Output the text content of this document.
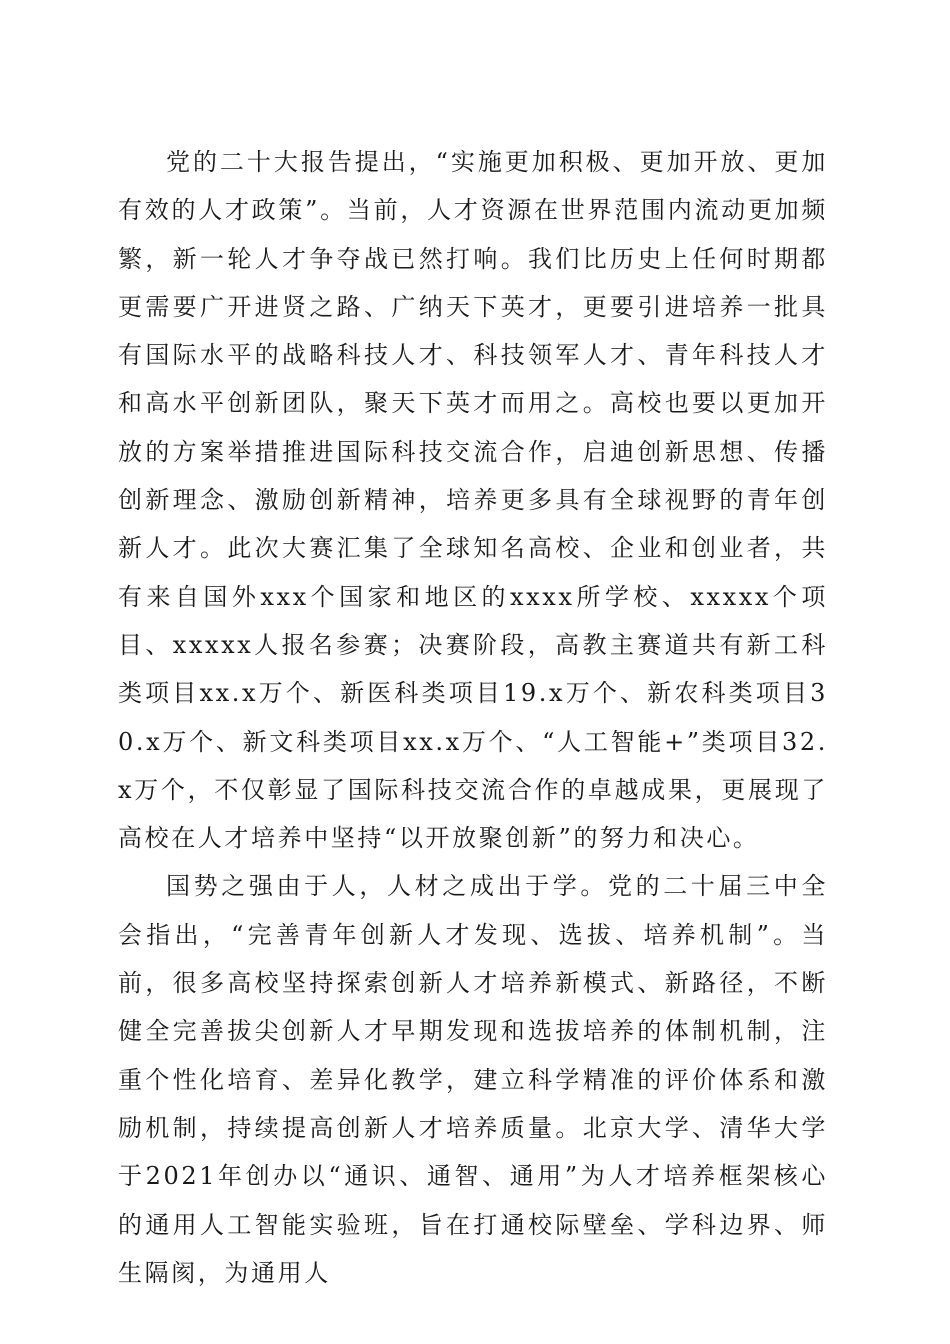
党的二十大报告提出，“实施更加积极、更加开放、更加有效的人才政策”。当前，人才资源在世界范围内流动更加频繁，新一轮人才争夺战已然打响。我们比历史上任何时期都更需要广开进贤之路、广纳天下英才，更要引进培养一批具有国际水平的战略科技人才、科技领军人才、青年科技人才和高水平创新团队，聚天下英才而用之。高校也要以更加开放的方案举措推进国际科技交流合作，启迪创新思想、传播创新理念、激励创新精神，培养更多具有全球视野的青年创新人才。此次大赛汇集了全球知名高校、企业和创业者，共有来自国外xxx个国家和地区的xxxx所学校、xxxxx个项目、xxxxx人报名参赛；决赛阶段，高教主赛道共有新工科类项目xx.x万个、新医科类项目19.x万个、新农科类项目30.x万个、新文科类项目xx.x万个、“人工智能+”类项目32.x万个，不仅彰显了国际科技交流合作的卓越成果，更展现了高校在人才培养中坚持“以开放聚创新”的努力和决心。

国势之强由于人，人材之成出于学。党的二十届三中全会指出，“完善青年创新人才发现、选拔、培养机制”。当前，很多高校坚持探索创新人才培养新模式、新路径，不断健全完善拔尖创新人才早期发现和选拔培养的体制机制，注重个性化培育、差异化教学，建立科学精准的评价体系和激励机制，持续提高创新人才培养质量。北京大学、清华大学于2021年创办以“通识、通智、通用”为人才培养框架核心的通用人工智能实验班，旨在打通校际壁垒、学科边界、师生隔阂，为通用人
